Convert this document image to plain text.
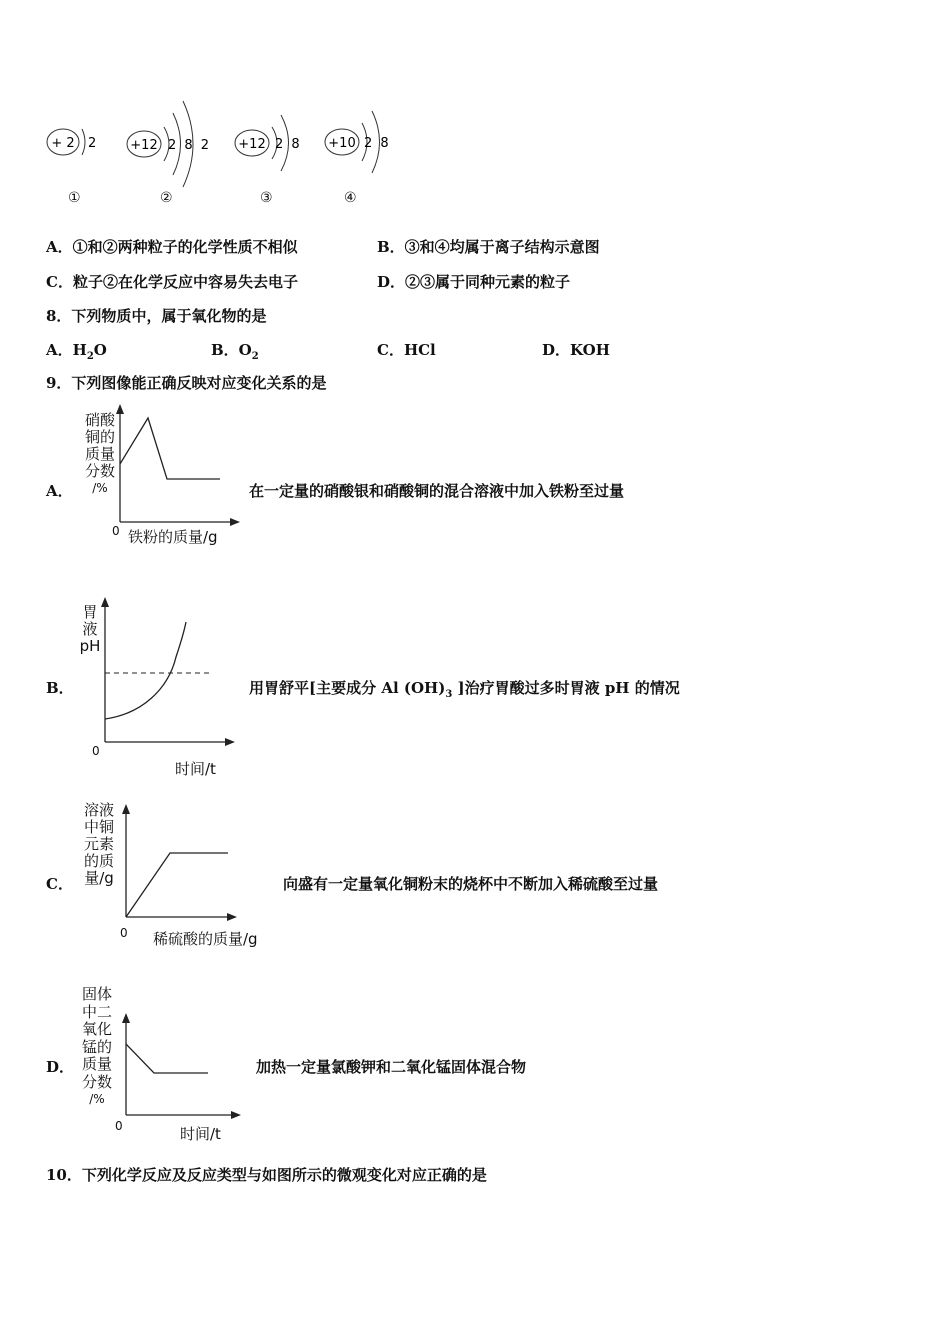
+ 2 2	+12 2 8 2 +12 2 8 +10 2 8
①	②	③	④
A．①和②两种粒子的化学性质不相似	B．③和④均属于离子结构示意图
C．粒子②在化学反应中容易失去电子	D．②③属于同种元素的粒子
8．下列物质中，属于氧化物的是
A．$H_2O$	B．$O_2$	C．HCl	D．KOH
9．下列图像能正确反映对应变化关系的是
A．
硝酸
铜的
质量
分数
/%
0 铁粉的质量/g
在一定量的硝酸银和硝酸铜的混合溶液中加入铁粉至过量
B．
胃
液
pH
0
时间/t
用胃舒平[主要成分 Al $(OH)_3$ ]治疗胃酸过多时胃液 pH 的情况
C．
溶液
中铜
元素
的质
量/g
0 稀硫酸的质量/g
向盛有一定量氧化铜粉末的烧杯中不断加入稀硫酸至过量
D．
固体
中二
氧化
锰的
质量
分数
/%
0	时间/t
加热一定量氯酸钾和二氧化锰固体混合物
10．下列化学反应及反应类型与如图所示的微观变化对应正确的是
